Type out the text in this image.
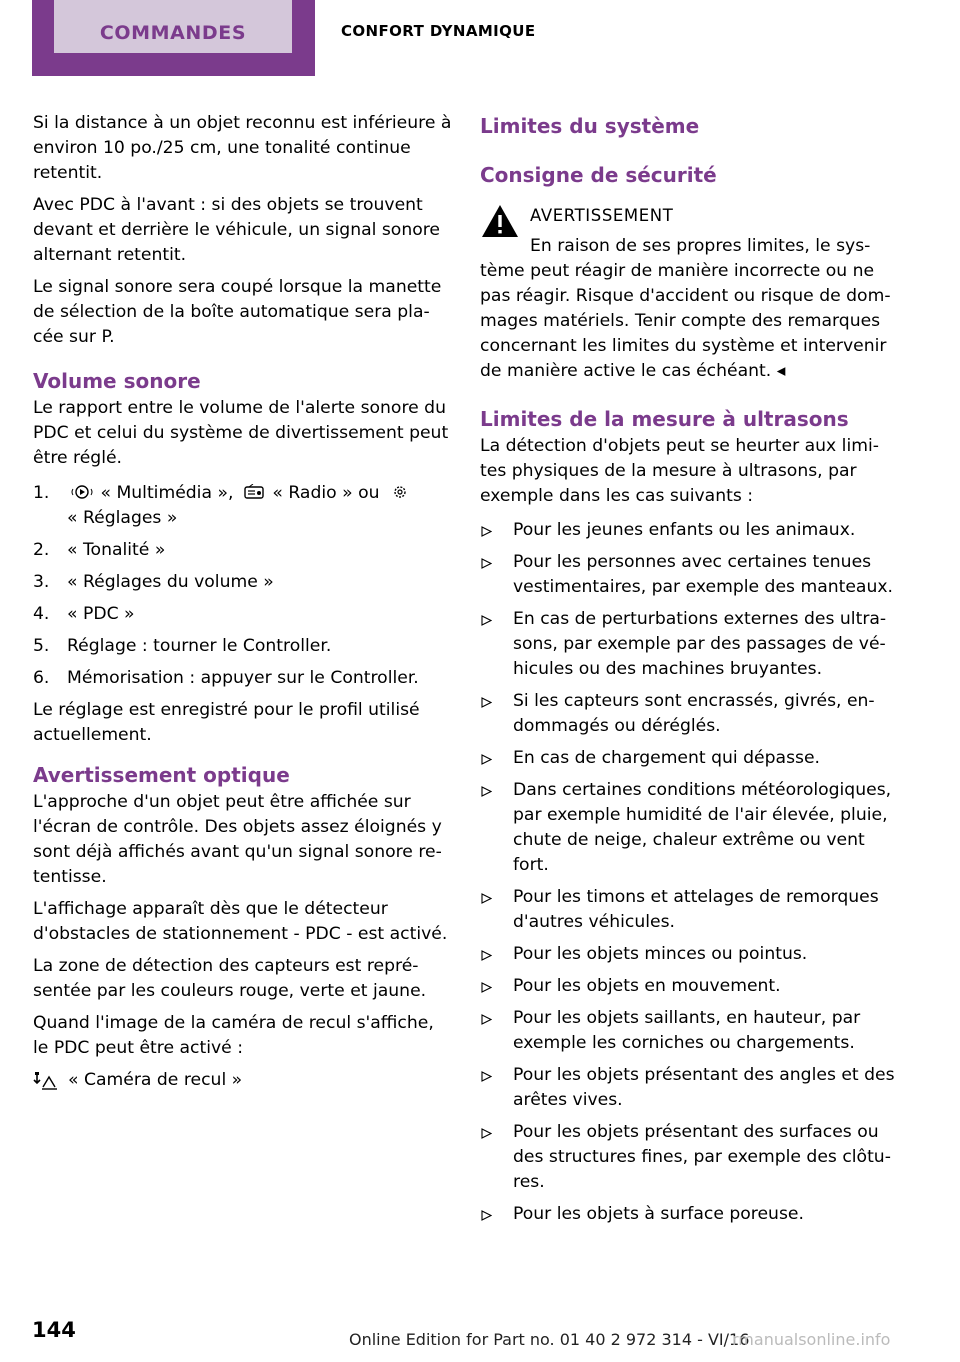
COMMANDES	CONFORT DYNAMIQUE

Si la distance à un objet reconnu est inférieure à environ 10 po./25 cm, une tonalité continue retentit.

Avec PDC à l'avant : si des objets se trouvent devant et derrière le véhicule, un signal sonore alternant retentit.

Le signal sonore sera coupé lorsque la manette de sélection de la boîte automatique sera pla‐ cée sur P.

Volume sonore

Le rapport entre le volume de l'alerte sonore du PDC et celui du système de divertissement peut être réglé.

1.	« Multimédia », « Radio » ou
« Réglages »
2. « Tonalité »
3. « Réglages du volume »
4. « PDC »
5. Réglage : tourner le Controller.
6. Mémorisation : appuyer sur le Controller.

Le réglage est enregistré pour le profil utilisé actuellement.

Avertissement optique

L'approche d'un objet peut être affichée sur l'écran de contrôle. Des objets assez éloignés y sont déjà affichés avant qu'un signal sonore re‐ tentisse.

L'affichage apparaît dès que le détecteur d'obstacles de stationnement - PDC - est activé.

La zone de détection des capteurs est repré‐ sentée par les couleurs rouge, verte et jaune.

Quand l'image de la caméra de recul s'affiche, le PDC peut être activé :

« Caméra de recul »
Limites du système
Consigne de sécurité
AVERTISSEMENT
En raison de ses propres limites, le sys‐
tème peut réagir de manière incorrecte ou ne pas réagir. Risque d'accident ou risque de dom‐ mages matériels. Tenir compte des remarques concernant les limites du système et intervenir de manière active le cas échéant. ◂
Limites de la mesure à ultrasons

La détection d'objets peut se heurter aux limi‐ tes physiques de la mesure à ultrasons, par exemple dans les cas suivants :

Pour les jeunes enfants ou les animaux.
Pour les personnes avec certaines tenues vestimentaires, par exemple des manteaux.
En cas de perturbations externes des ultra‐ sons, par exemple par des passages de vé‐ hicules ou des machines bruyantes.
Si les capteurs sont encrassés, givrés, en‐ dommagés ou déréglés.
En cas de chargement qui dépasse.
Dans certaines conditions météorologiques, par exemple humidité de l'air élevée, pluie, chute de neige, chaleur extrême ou vent fort.
Pour les timons et attelages de remorques d'autres véhicules.
Pour les objets minces ou pointus.
Pour les objets en mouvement.
Pour les objets saillants, en hauteur, par exemple les corniches ou chargements.
Pour les objets présentant des angles et des arêtes vives.
Pour les objets présentant des surfaces ou des structures fines, par exemple des clôtu‐ res.
Pour les objets à surface poreuse.
144	Online Edition for Part no. 01 40 2 972 314 - VI/16
rmanualsonline.info
